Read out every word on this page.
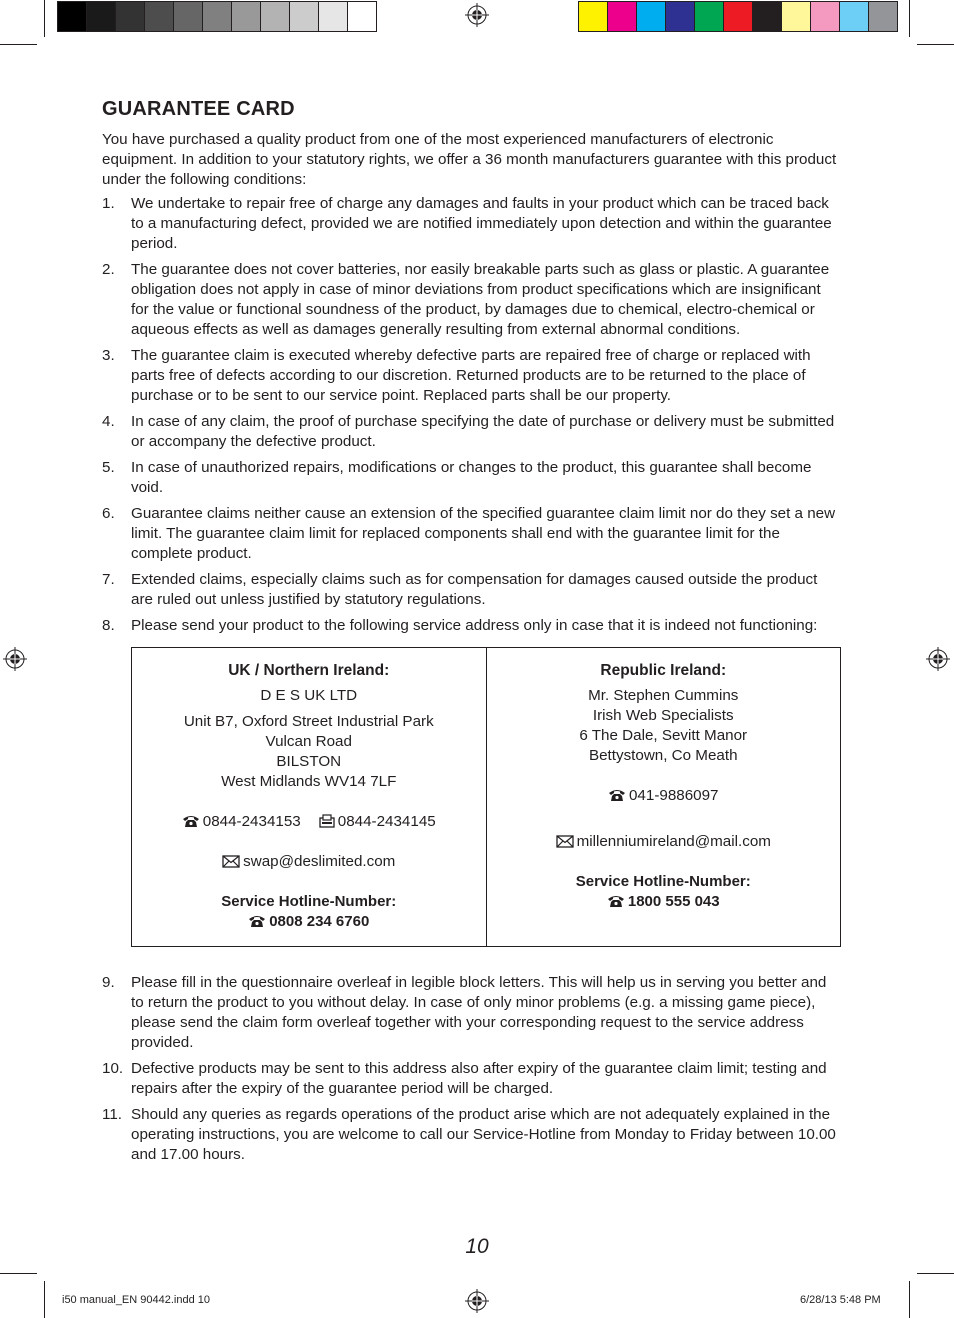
GUARANTEE CARD

You have purchased a quality product from one of the most experienced manufacturers of electronic equipment. In addition to your statutory rights, we offer a 36 month manufacturers guarantee with this product under the following conditions:

1. We undertake to repair free of charge any damages and faults in your product which can be traced back to a manufacturing defect, provided we are notified immediately upon detection and within the guarantee period.
2. The guarantee does not cover batteries, nor easily breakable parts such as glass or plastic. A guarantee obligation does not apply in case of minor deviations from product specifications which are insignificant for the value or functional soundness of the product, by damages due to chemical, electro-chemical or aqueous effects as well as damages generally resulting from external abnormal conditions.
3. The guarantee claim is executed whereby defective parts are repaired free of charge or replaced with parts free of defects according to our discretion. Returned products are to be returned to the place of purchase or to be sent to our service point. Replaced parts shall be our property.
4. In case of any claim, the proof of purchase specifying the date of purchase or delivery must be submitted or accompany the defective product.
5. In case of unauthorized repairs, modifications or changes to the product, this guarantee shall become void.
6. Guarantee claims neither cause an extension of the specified guarantee claim limit nor do they set a new limit. The guarantee claim limit for replaced components shall end with the guarantee limit for the complete product.
7. Extended claims, especially claims such as for compensation for damages caused outside the product are ruled out unless justified by statutory regulations.
8. Please send your product to the following service address only in case that it is indeed not functioning:
UK / Northern Ireland:
D E S UK LTD
Unit B7, Oxford Street Industrial Park
Vulcan Road
BILSTON
West Midlands WV14 7LF
0844-2434153 0844-2434145
swap@deslimited.com
Service Hotline-Number:
0808 234 6760

Republic Ireland:
Mr. Stephen Cummins
Irish Web Specialists
6 The Dale, Sevitt Manor
Bettystown, Co Meath
041-9886097
millenniumireland@mail.com
Service Hotline-Number:
1800 555 043
9. Please fill in the questionnaire overleaf in legible block letters. This will help us in serving you better and to return the product to you without delay. In case of only minor problems (e.g. a missing game piece), please send the claim form overleaf together with your corresponding request to the service address provided.
10. Defective products may be sent to this address also after expiry of the guarantee claim limit; testing and repairs after the expiry of the guarantee period will be charged.
11. Should any queries as regards operations of the product arise which are not adequately explained in the operating instructions, you are welcome to call our Service-Hotline from Monday to Friday between 10.00 and 17.00 hours.
10
i50 manual_EN 90442.indd 10	6/28/13 5:48 PM
